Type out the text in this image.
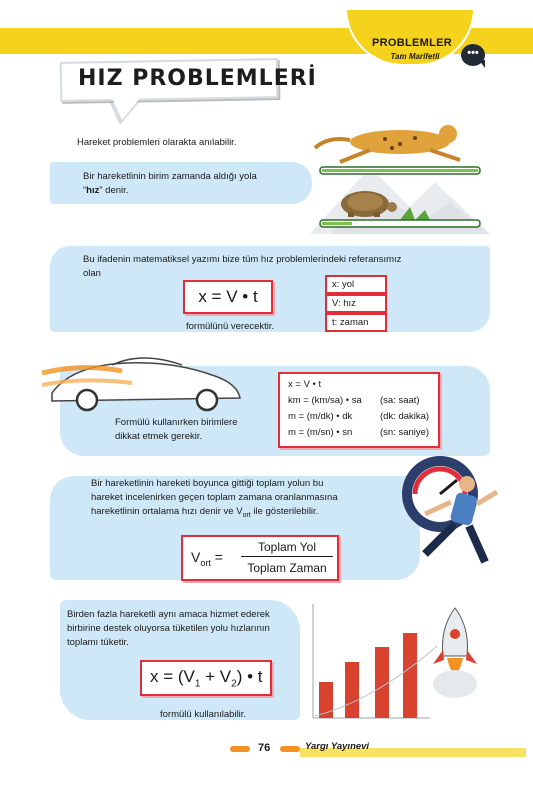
PROBLEMLER
Tam Marifetli	•••
HIZ PROBLEMLERİ
Hareket problemleri olarakta anılabilir.
Bir hareketlinin birim zamanda aldığı yola
“hız” denir.
Bu ifadenin matematiksel yazımı bize tüm hız problemlerindeki referansımız
olan
x = V • t
formülünü verecektir.
x: yol
V: hız
t: zaman
Formülü kullanırken birimlere
dikkat etmek gerekir.
x = V • t
km = (km/sa) • sa	(sa: saat)
m = (m/dk) • dk	(dk: dakika)
m = (m/sn) • sn	(sn: saniye)
Bir hareketlinin hareketi boyunca gittiği toplam yolun bu
hareket incelenirken geçen toplam zamana oranlanmasına
hareketlinin ortalama hızı denir ve $V_{ort}$ ile gösterilebilir.
$V_{ort}$ =
Toplam Yol
Toplam Zaman
Birden fazla hareketli aynı amaca hizmet ederek
birbirine destek oluyorsa tüketilen yolu hızlarının
toplamı tüketir.
$x = (V_1 + V_2)$ • t
formülü kullanılabilir.
76	Yargı Yayınevi
